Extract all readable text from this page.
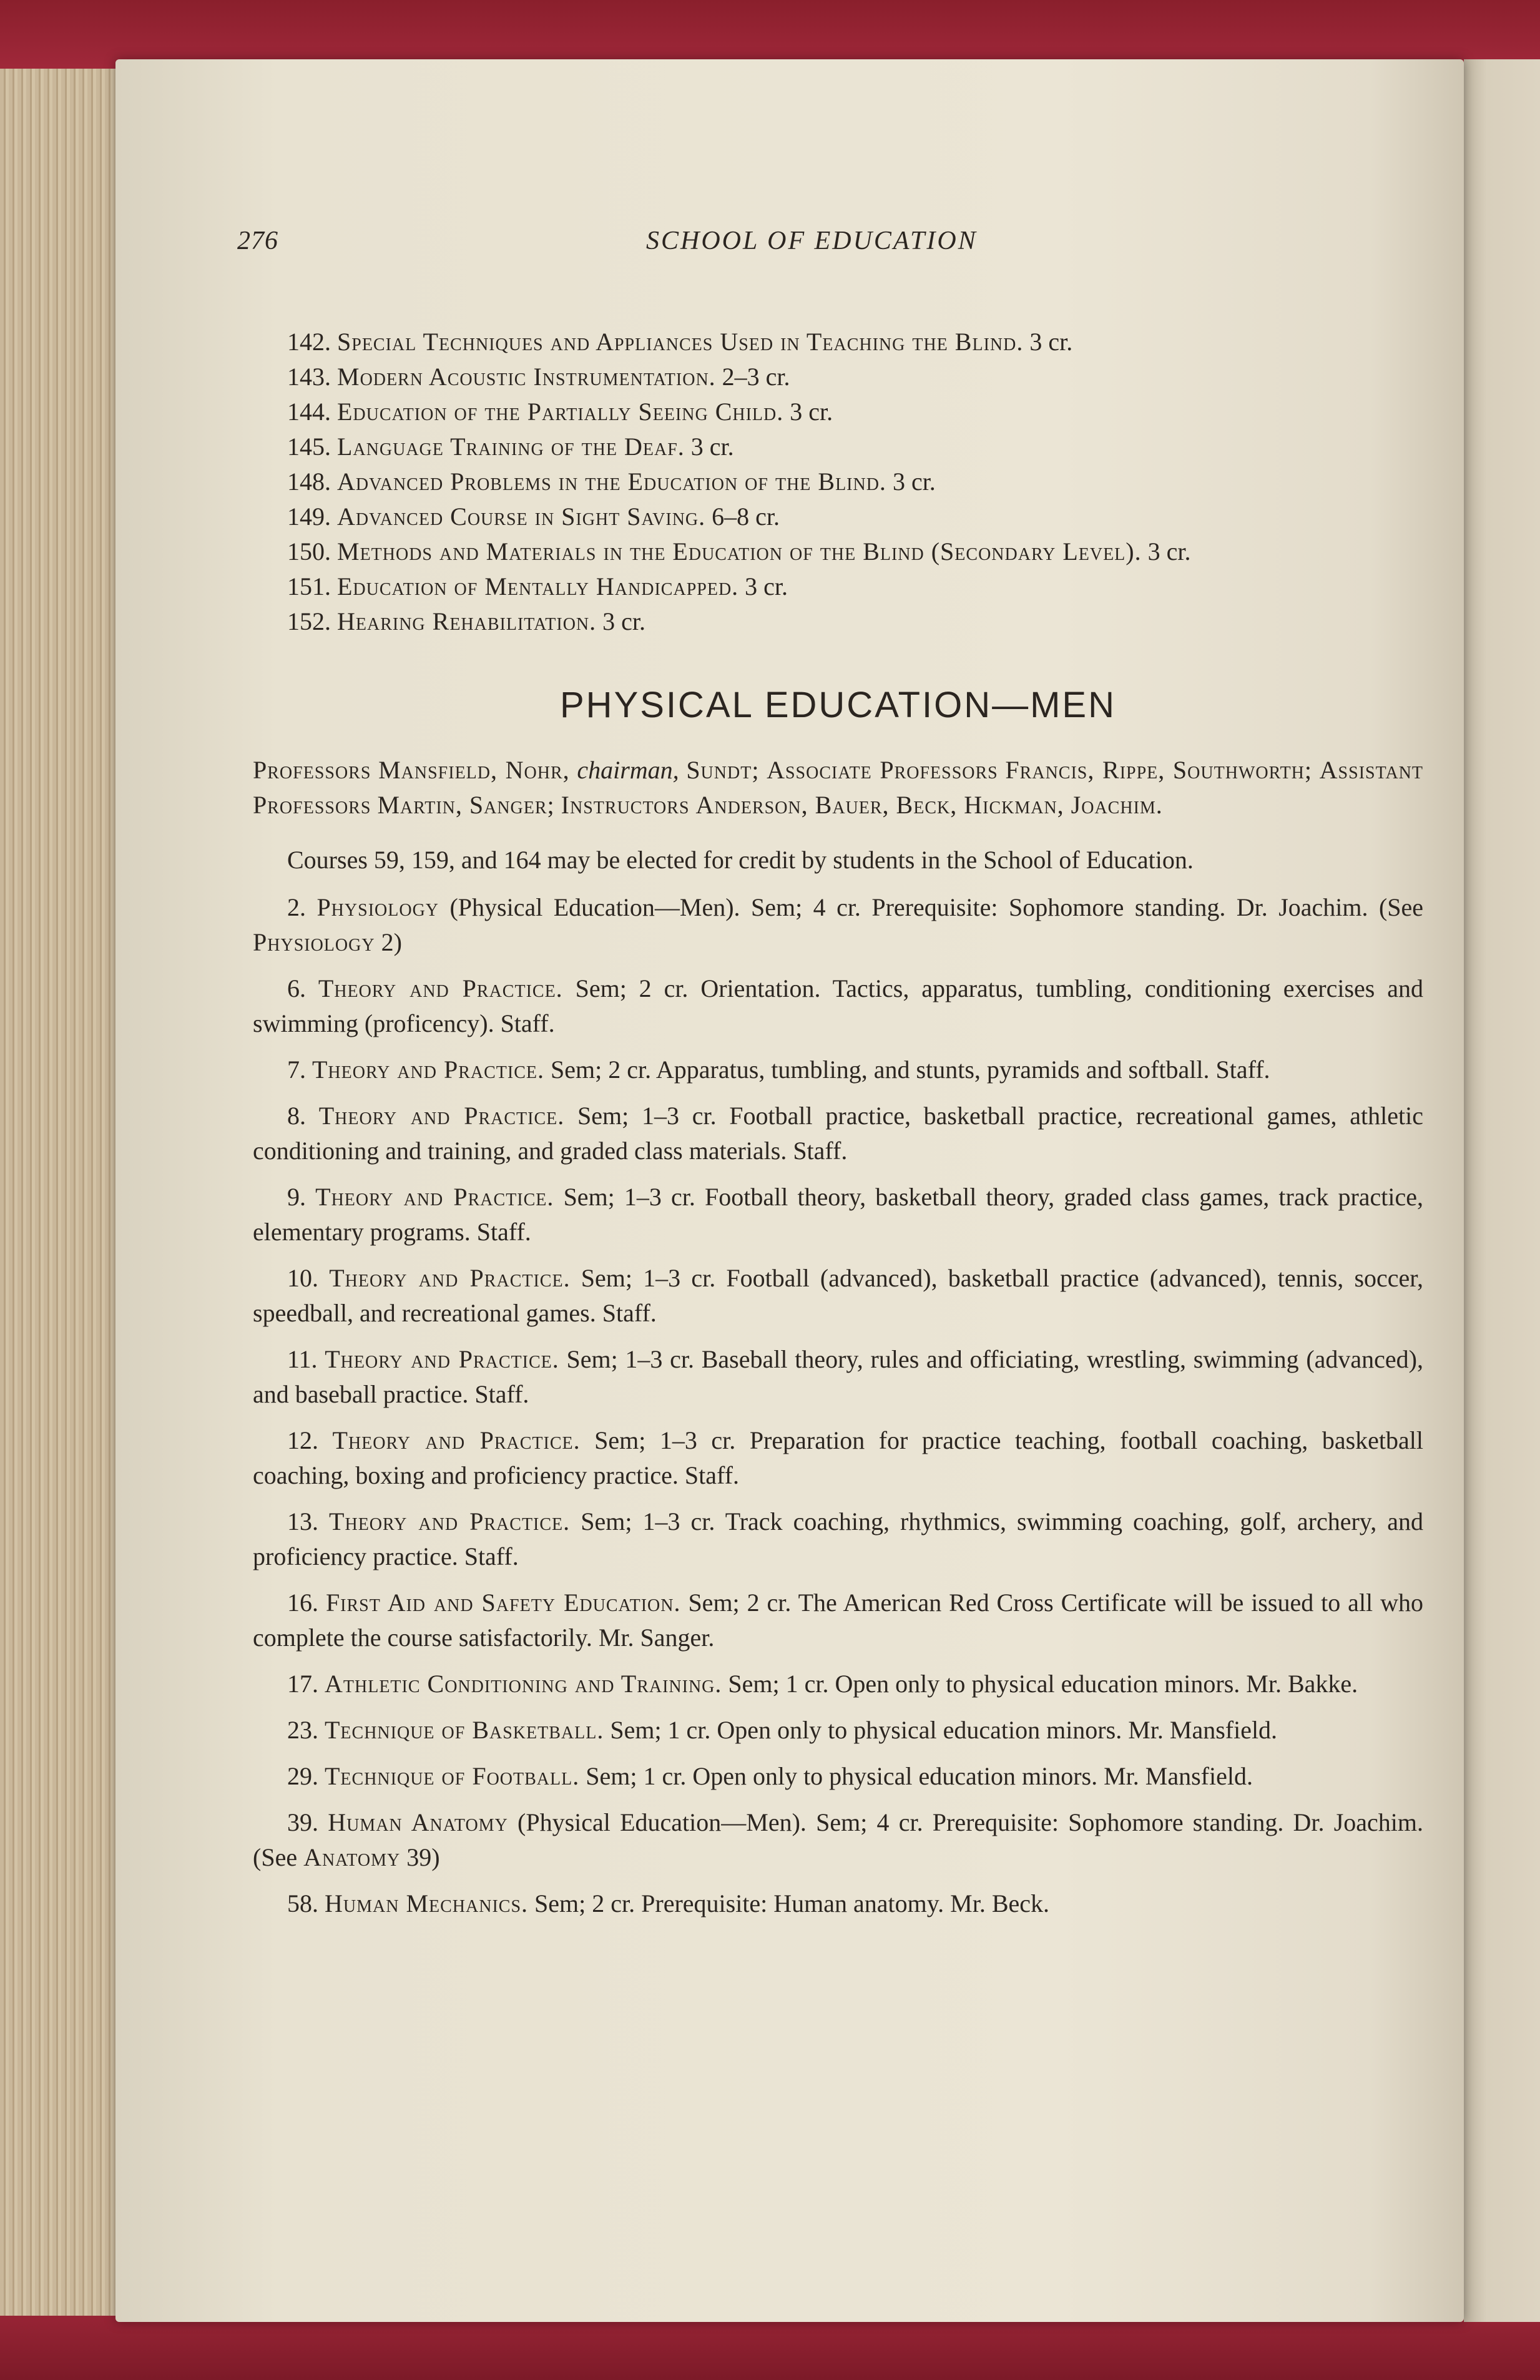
276	SCHOOL OF EDUCATION

142. Special Techniques and Appliances Used in Teaching the Blind. 3 cr.

143. Modern Acoustic Instrumentation. 2–3 cr.

144. Education of the Partially Seeing Child. 3 cr.

145. Language Training of the Deaf. 3 cr.

148. Advanced Problems in the Education of the Blind. 3 cr.

149. Advanced Course in Sight Saving. 6–8 cr.

150. Methods and Materials in the Education of the Blind (Secondary Level). 3 cr.

151. Education of Mentally Handicapped. 3 cr.

152. Hearing Rehabilitation. 3 cr.

PHYSICAL EDUCATION—MEN

Professors Mansfield, Nohr, chairman, Sundt; Associate Professors Francis, Rippe, Southworth; Assistant Professors Martin, Sanger; Instructors Anderson, Bauer, Beck, Hickman, Joachim.

Courses 59, 159, and 164 may be elected for credit by students in the School of Education.

2. Physiology (Physical Education—Men). Sem; 4 cr. Prerequisite: Sophomore standing. Dr. Joachim. (See Physiology 2)

6. Theory and Practice. Sem; 2 cr. Orientation. Tactics, apparatus, tumbling, conditioning exercises and swimming (proficency). Staff.

7. Theory and Practice. Sem; 2 cr. Apparatus, tumbling, and stunts, pyramids and softball. Staff.

8. Theory and Practice. Sem; 1–3 cr. Football practice, basketball practice, recreational games, athletic conditioning and training, and graded class materials. Staff.

9. Theory and Practice. Sem; 1–3 cr. Football theory, basketball theory, graded class games, track practice, elementary programs. Staff.

10. Theory and Practice. Sem; 1–3 cr. Football (advanced), basketball practice (advanced), tennis, soccer, speedball, and recreational games. Staff.

11. Theory and Practice. Sem; 1–3 cr. Baseball theory, rules and officiating, wrestling, swimming (advanced), and baseball practice. Staff.

12. Theory and Practice. Sem; 1–3 cr. Preparation for practice teaching, football coaching, basketball coaching, boxing and proficiency practice. Staff.

13. Theory and Practice. Sem; 1–3 cr. Track coaching, rhythmics, swimming coaching, golf, archery, and proficiency practice. Staff.

16. First Aid and Safety Education. Sem; 2 cr. The American Red Cross Certificate will be issued to all who complete the course satisfactorily. Mr. Sanger.

17. Athletic Conditioning and Training. Sem; 1 cr. Open only to physical education minors. Mr. Bakke.

23. Technique of Basketball. Sem; 1 cr. Open only to physical education minors. Mr. Mansfield.

29. Technique of Football. Sem; 1 cr. Open only to physical education minors. Mr. Mansfield.

39. Human Anatomy (Physical Education—Men). Sem; 4 cr. Prerequisite: Sophomore standing. Dr. Joachim. (See Anatomy 39)

58. Human Mechanics. Sem; 2 cr. Prerequisite: Human anatomy. Mr. Beck.
